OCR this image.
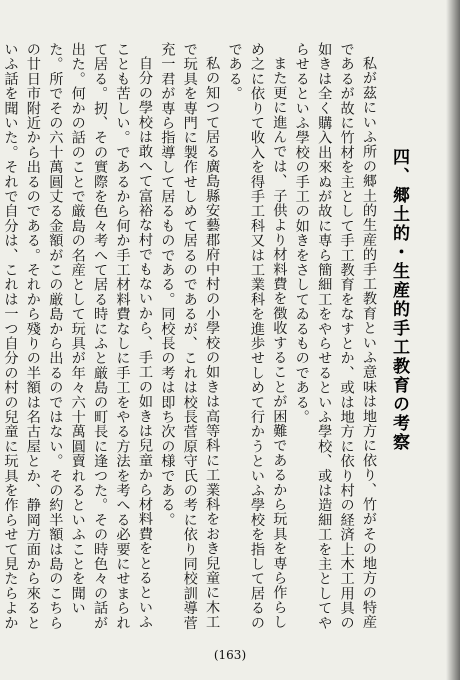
四、郷土的・生産的手工教育の考察

私が茲にいふ所の郷土的生産的手工教育といふ意味は地方に依り、竹がその地方の特産であるが故に竹材を主として手工教育をなすとか、或は地方に依り村の経済上木工用具の如きは全く購入出來ぬが故に専ら簡細工をやらせるといふ學校、或は造細工を主としてやらせるといふ學校の手工の如きをさしてゐるものである。

また更に進んでは、子供より材料費を徴收することが困難であるから玩具を専ら作らしめ之に依りて收入を得手工科又は工業科を進歩せしめて行かうといふ學校を指して居るのである。

私の知つて居る廣島縣安藝郡府中村の小學校の如きは高等科に工業科をおき兒童に木工で玩具を専門に製作せしめて居るのであるが、これは校長菅原守氏の考に依り同校訓導菅充一君が専ら指導して居るものである。同校長の考は即ち次の様である。

自分の學校は敢へて富裕な村でもないから、手工の如きは兒童から材料費をとるといふことも苦しい。であるから何か手工材料費なしに手工をやる方法を考へる必要にせまられて居る。扨、その實際を色々考へて居る時にふと厳島の町長に逢つた。その時色々の話が出た。何かの話のことで厳島の名産として玩具が年々六十萬圓賣れるといふことを聞いた。所でその六十萬圓丈る金額がこの厳島から出るのではない。その約半額は島のこちらの廿日市附近から出るのである。それから殘りの半額は名古屋とか、静岡方面から來るといふ話を聞いた。それで自分は、これは一つ自分の村の兒童に玩具を作らせて見たらよか

(163)
